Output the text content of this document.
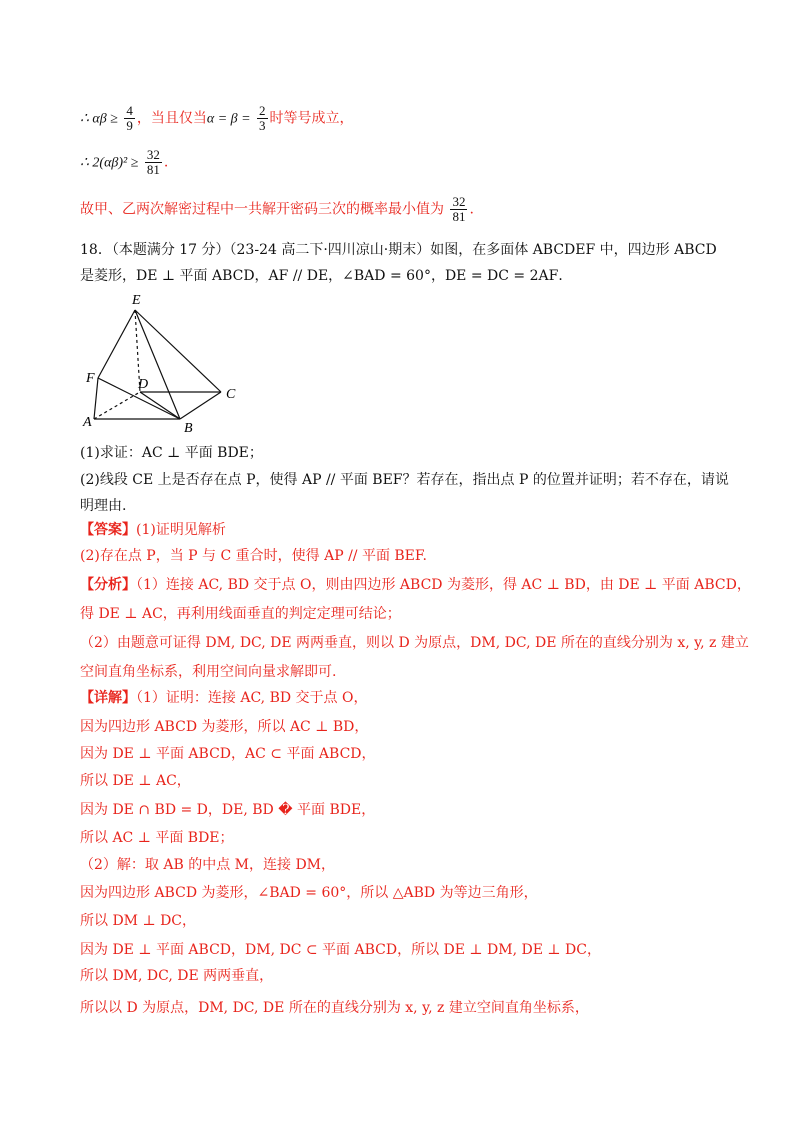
∴ $\alpha\beta \ge \frac{4}{9}$ ，当且仅当$\alpha = \beta = \frac{2}{3}$ 时等号成立，
∴ $2(\alpha\beta)^2 \ge \frac{32}{81}$ .
故甲、乙两次解密过程中一共解开密码三次的概率最小值为 $\frac{32}{81}$ .
18．（本题满分 17 分）（23-24 高二下·四川凉山·期末）如图，在多面体 ABCDEF 中，四边形 ABCD
是菱形，DE ⊥ 平面 ABCD，AF // DE，∠BAD = 60°，DE = DC = 2AF．
E
F	D
C
A	B
(1)求证：AC ⊥ 平面 BDE；
(2)线段 CE 上是否存在点 P，使得 AP // 平面 BEF？若存在，指出点 P 的位置并证明；若不存在，请说
明理由.
【答案】(1)证明见解析
(2)存在点 P，当 P 与 C 重合时，使得 AP // 平面 BEF.
【分析】（1）连接 AC, BD 交于点 O，则由四边形 ABCD 为菱形，得 AC ⊥ BD，由 DE ⊥ 平面 ABCD，
得 DE ⊥ AC，再利用线面垂直的判定定理可结论；
（2）由题意可证得 DM, DC, DE 两两垂直，则以 D 为原点，DM, DC, DE 所在的直线分别为 x, y, z 建立
空间直角坐标系，利用空间向量求解即可.
【详解】（1）证明：连接 AC, BD 交于点 O，
因为四边形 ABCD 为菱形，所以 AC ⊥ BD，
因为 DE ⊥ 平面 ABCD，AC ⊂ 平面 ABCD，
所以 DE ⊥ AC，
因为 DE ∩ BD = D，DE, BD � 平面 BDE，
所以 AC ⊥ 平面 BDE；
（2）解：取 AB 的中点 M，连接 DM，
因为四边形 ABCD 为菱形，∠BAD = 60°，所以 △ABD 为等边三角形，
所以 DM ⊥ DC，
因为 DE ⊥ 平面 ABCD，DM, DC ⊂ 平面 ABCD，所以 DE ⊥ DM, DE ⊥ DC，
所以 DM, DC, DE 两两垂直，
所以以 D 为原点，DM, DC, DE 所在的直线分别为 x, y, z 建立空间直角坐标系，
